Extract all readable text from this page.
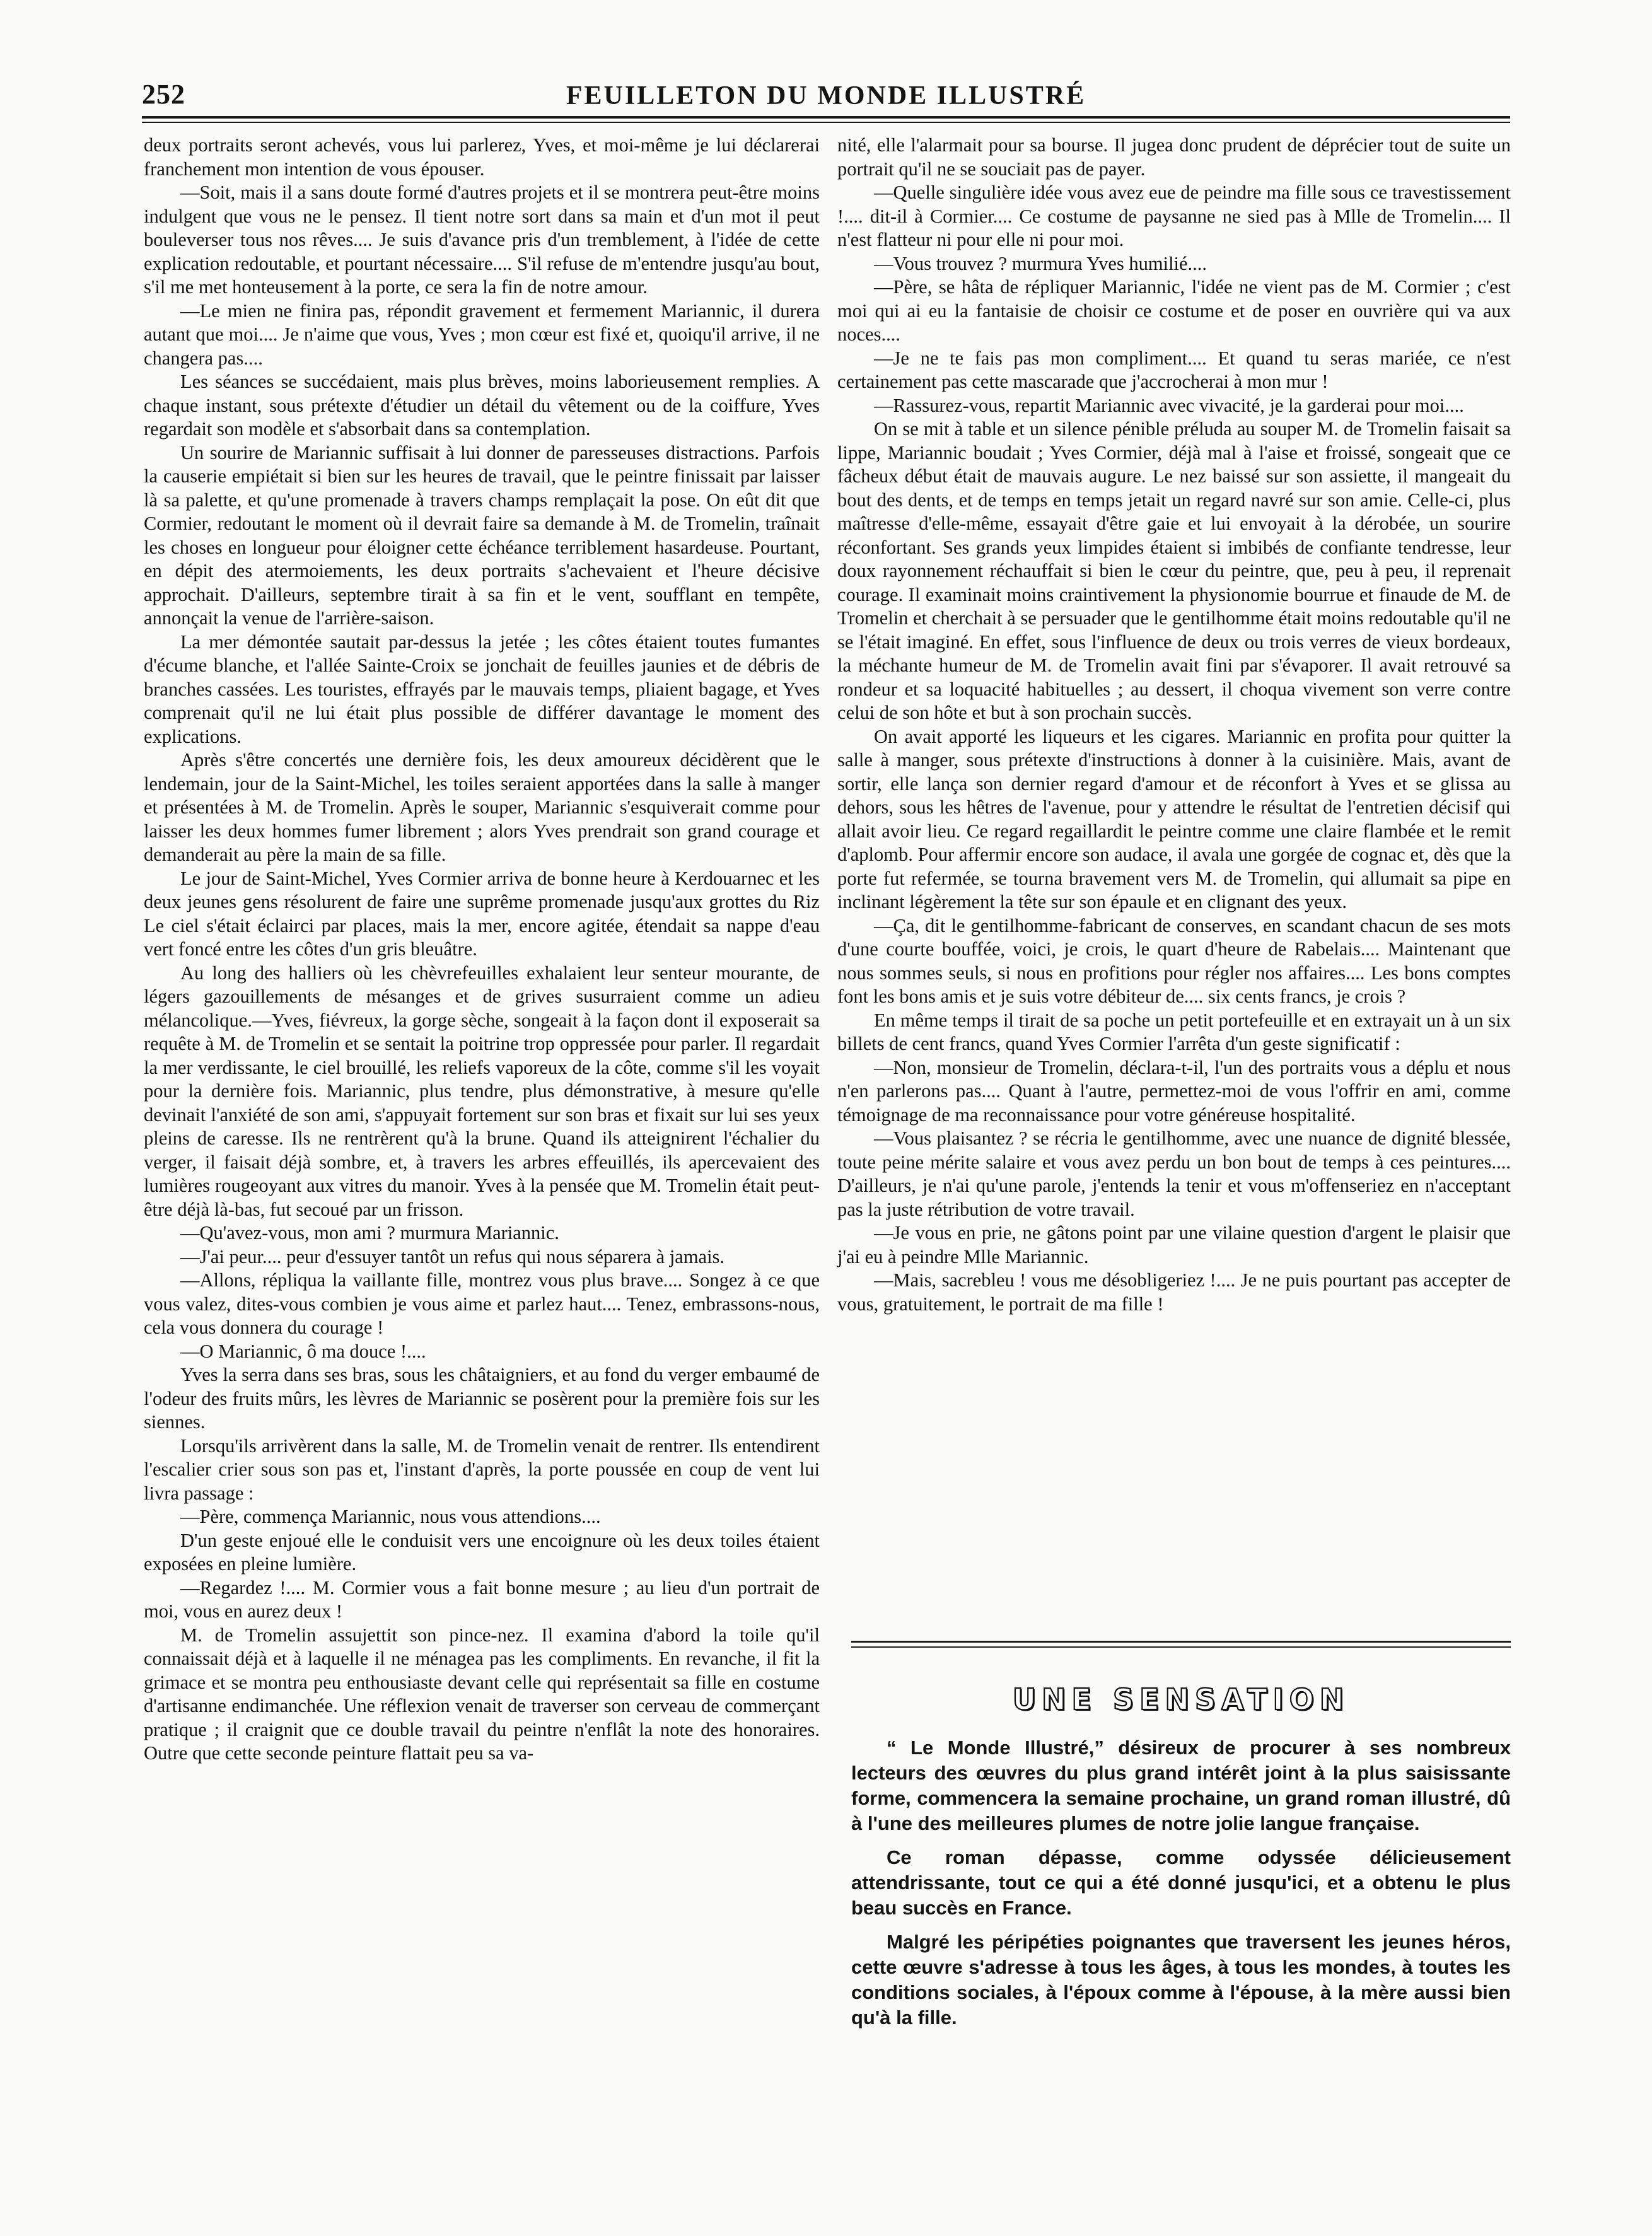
252	FEUILLETON DU MONDE ILLUSTRÉ

deux portraits seront achevés, vous lui parlerez, Yves, et moi-même je lui déclarerai franchement mon intention de vous épouser.

—Soit, mais il a sans doute formé d'autres projets et il se montrera peut-être moins indulgent que vous ne le pensez. Il tient notre sort dans sa main et d'un mot il peut bouleverser tous nos rêves.... Je suis d'avance pris d'un tremblement, à l'idée de cette explication redoutable, et pourtant nécessaire.... S'il refuse de m'entendre jusqu'au bout, s'il me met honteusement à la porte, ce sera la fin de notre amour.

—Le mien ne finira pas, répondit gravement et fermement Mariannic, il durera autant que moi.... Je n'aime que vous, Yves ; mon cœur est fixé et, quoiqu'il arrive, il ne changera pas....

Les séances se succédaient, mais plus brèves, moins laborieusement remplies. A chaque instant, sous prétexte d'étudier un détail du vêtement ou de la coiffure, Yves regardait son modèle et s'absorbait dans sa contemplation.

Un sourire de Mariannic suffisait à lui donner de paresseuses distractions. Parfois la causerie empiétait si bien sur les heures de travail, que le peintre finissait par laisser là sa palette, et qu'une promenade à travers champs remplaçait la pose. On eût dit que Cormier, redoutant le moment où il devrait faire sa demande à M. de Tromelin, traînait les choses en longueur pour éloigner cette échéance terriblement hasardeuse. Pourtant, en dépit des atermoiements, les deux portraits s'achevaient et l'heure décisive approchait. D'ailleurs, septembre tirait à sa fin et le vent, soufflant en tempête, annonçait la venue de l'arrière-saison.

La mer démontée sautait par-dessus la jetée ; les côtes étaient toutes fumantes d'écume blanche, et l'allée Sainte-Croix se jonchait de feuilles jaunies et de débris de branches cassées. Les touristes, effrayés par le mauvais temps, pliaient bagage, et Yves comprenait qu'il ne lui était plus possible de différer davantage le moment des explications.

Après s'être concertés une dernière fois, les deux amoureux décidèrent que le lendemain, jour de la Saint-Michel, les toiles seraient apportées dans la salle à manger et présentées à M. de Tromelin. Après le souper, Mariannic s'esquiverait comme pour laisser les deux hommes fumer librement ; alors Yves prendrait son grand courage et demanderait au père la main de sa fille.

Le jour de Saint-Michel, Yves Cormier arriva de bonne heure à Kerdouarnec et les deux jeunes gens résolurent de faire une suprême promenade jusqu'aux grottes du Riz Le ciel s'était éclairci par places, mais la mer, encore agitée, étendait sa nappe d'eau vert foncé entre les côtes d'un gris bleuâtre.

Au long des halliers où les chèvrefeuilles exhalaient leur senteur mourante, de légers gazouillements de mésanges et de grives susurraient comme un adieu mélancolique.—Yves, fiévreux, la gorge sèche, songeait à la façon dont il exposerait sa requête à M. de Tromelin et se sentait la poitrine trop oppressée pour parler. Il regardait la mer verdissante, le ciel brouillé, les reliefs vaporeux de la côte, comme s'il les voyait pour la dernière fois. Mariannic, plus tendre, plus démonstrative, à mesure qu'elle devinait l'anxiété de son ami, s'appuyait fortement sur son bras et fixait sur lui ses yeux pleins de caresse. Ils ne rentrèrent qu'à la brune. Quand ils atteignirent l'échalier du verger, il faisait déjà sombre, et, à travers les arbres effeuillés, ils apercevaient des lumières rougeoyant aux vitres du manoir. Yves à la pensée que M. Tromelin était peut-être déjà là-bas, fut secoué par un frisson.

—Qu'avez-vous, mon ami ? murmura Mariannic.

—J'ai peur.... peur d'essuyer tantôt un refus qui nous séparera à jamais.

—Allons, répliqua la vaillante fille, montrez vous plus brave.... Songez à ce que vous valez, dites-vous combien je vous aime et parlez haut.... Tenez, embrassons-nous, cela vous donnera du courage !

—O Mariannic, ô ma douce !....

Yves la serra dans ses bras, sous les châtaigniers, et au fond du verger embaumé de l'odeur des fruits mûrs, les lèvres de Mariannic se posèrent pour la première fois sur les siennes.

Lorsqu'ils arrivèrent dans la salle, M. de Tromelin venait de rentrer. Ils entendirent l'escalier crier sous son pas et, l'instant d'après, la porte poussée en coup de vent lui livra passage :

—Père, commença Mariannic, nous vous attendions....

D'un geste enjoué elle le conduisit vers une encoignure où les deux toiles étaient exposées en pleine lumière.

—Regardez !.... M. Cormier vous a fait bonne mesure ; au lieu d'un portrait de moi, vous en aurez deux !

M. de Tromelin assujettit son pince-nez. Il examina d'abord la toile qu'il connaissait déjà et à laquelle il ne ménagea pas les compliments. En revanche, il fit la grimace et se montra peu enthousiaste devant celle qui représentait sa fille en costume d'artisanne endimanchée. Une réflexion venait de traverser son cerveau de commerçant pratique ; il craignit que ce double travail du peintre n'enflât la note des honoraires. Outre que cette seconde peinture flattait peu sa va-

nité, elle l'alarmait pour sa bourse. Il jugea donc prudent de déprécier tout de suite un portrait qu'il ne se souciait pas de payer.

—Quelle singulière idée vous avez eue de peindre ma fille sous ce travestissement !.... dit-il à Cormier.... Ce costume de paysanne ne sied pas à Mlle de Tromelin.... Il n'est flatteur ni pour elle ni pour moi.

—Vous trouvez ? murmura Yves humilié....

—Père, se hâta de répliquer Mariannic, l'idée ne vient pas de M. Cormier ; c'est moi qui ai eu la fantaisie de choisir ce costume et de poser en ouvrière qui va aux noces....

—Je ne te fais pas mon compliment.... Et quand tu seras mariée, ce n'est certainement pas cette mascarade que j'accrocherai à mon mur !

—Rassurez-vous, repartit Mariannic avec vivacité, je la garderai pour moi....

On se mit à table et un silence pénible préluda au souper M. de Tromelin faisait sa lippe, Mariannic boudait ; Yves Cormier, déjà mal à l'aise et froissé, songeait que ce fâcheux début était de mauvais augure. Le nez baissé sur son assiette, il mangeait du bout des dents, et de temps en temps jetait un regard navré sur son amie. Celle-ci, plus maîtresse d'elle-même, essayait d'être gaie et lui envoyait à la dérobée, un sourire réconfortant. Ses grands yeux limpides étaient si imbibés de confiante tendresse, leur doux rayonnement réchauffait si bien le cœur du peintre, que, peu à peu, il reprenait courage. Il examinait moins craintivement la physionomie bourrue et finaude de M. de Tromelin et cherchait à se persuader que le gentilhomme était moins redoutable qu'il ne se l'était imaginé. En effet, sous l'influence de deux ou trois verres de vieux bordeaux, la méchante humeur de M. de Tromelin avait fini par s'évaporer. Il avait retrouvé sa rondeur et sa loquacité habituelles ; au dessert, il choqua vivement son verre contre celui de son hôte et but à son prochain succès.

On avait apporté les liqueurs et les cigares. Mariannic en profita pour quitter la salle à manger, sous prétexte d'instructions à donner à la cuisinière. Mais, avant de sortir, elle lança son dernier regard d'amour et de réconfort à Yves et se glissa au dehors, sous les hêtres de l'avenue, pour y attendre le résultat de l'entretien décisif qui allait avoir lieu. Ce regard regaillardit le peintre comme une claire flambée et le remit d'aplomb. Pour affermir encore son audace, il avala une gorgée de cognac et, dès que la porte fut refermée, se tourna bravement vers M. de Tromelin, qui allumait sa pipe en inclinant légèrement la tête sur son épaule et en clignant des yeux.

—Ça, dit le gentilhomme-fabricant de conserves, en scandant chacun de ses mots d'une courte bouffée, voici, je crois, le quart d'heure de Rabelais.... Maintenant que nous sommes seuls, si nous en profitions pour régler nos affaires.... Les bons comptes font les bons amis et je suis votre débiteur de.... six cents francs, je crois ?

En même temps il tirait de sa poche un petit portefeuille et en extrayait un à un six billets de cent francs, quand Yves Cormier l'arrêta d'un geste significatif :

—Non, monsieur de Tromelin, déclara-t-il, l'un des portraits vous a déplu et nous n'en parlerons pas.... Quant à l'autre, permettez-moi de vous l'offrir en ami, comme témoignage de ma reconnaissance pour votre généreuse hospitalité.

—Vous plaisantez ? se récria le gentilhomme, avec une nuance de dignité blessée, toute peine mérite salaire et vous avez perdu un bon bout de temps à ces peintures.... D'ailleurs, je n'ai qu'une parole, j'entends la tenir et vous m'offenseriez en n'acceptant pas la juste rétribution de votre travail.

—Je vous en prie, ne gâtons point par une vilaine question d'argent le plaisir que j'ai eu à peindre Mlle Mariannic.

—Mais, sacrebleu ! vous me désobligeriez !.... Je ne puis pourtant pas accepter de vous, gratuitement, le portrait de ma fille !

UNE SENSATION

“ Le Monde Illustré,” désireux de procurer à ses nombreux lecteurs des œuvres du plus grand intérêt joint à la plus saisissante forme, commencera la semaine prochaine, un grand roman illustré, dû à l'une des meilleures plumes de notre jolie langue française.

Ce roman dépasse, comme odyssée délicieusement attendrissante, tout ce qui a été donné jusqu'ici, et a obtenu le plus beau succès en France.

Malgré les péripéties poignantes que traversent les jeunes héros, cette œuvre s'adresse à tous les âges, à tous les mondes, à toutes les conditions sociales, à l'époux comme à l'épouse, à la mère aussi bien qu'à la fille.
